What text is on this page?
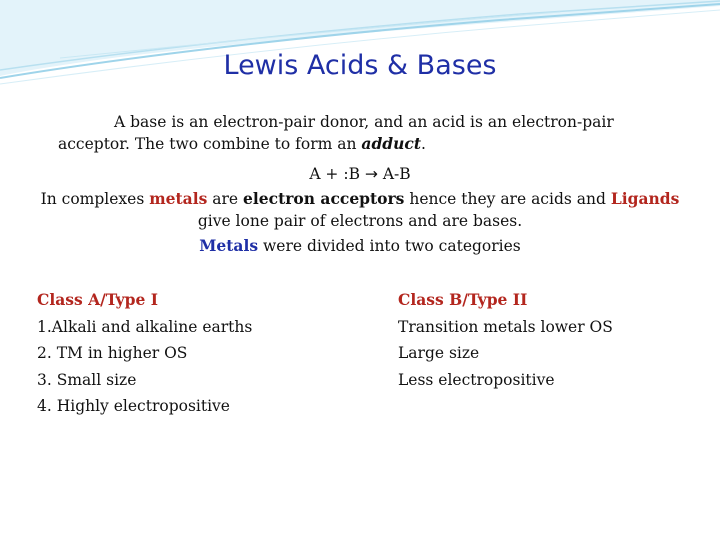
Lewis Acids & Bases

A base is an electron-pair donor, and an acid is an electron-pair
acceptor. The two combine to form an adduct.

A + :B → A-B

In complexes metals are electron acceptors hence they are acids and Ligands
give lone pair of electrons and are bases.

Metals were divided into two categories

Class A/Type I
1.Alkali and alkaline earths
2. TM in higher OS
3. Small size
4. Highly electropositive
Class B/Type II
Transition metals lower OS
Large size
Less electropositive
